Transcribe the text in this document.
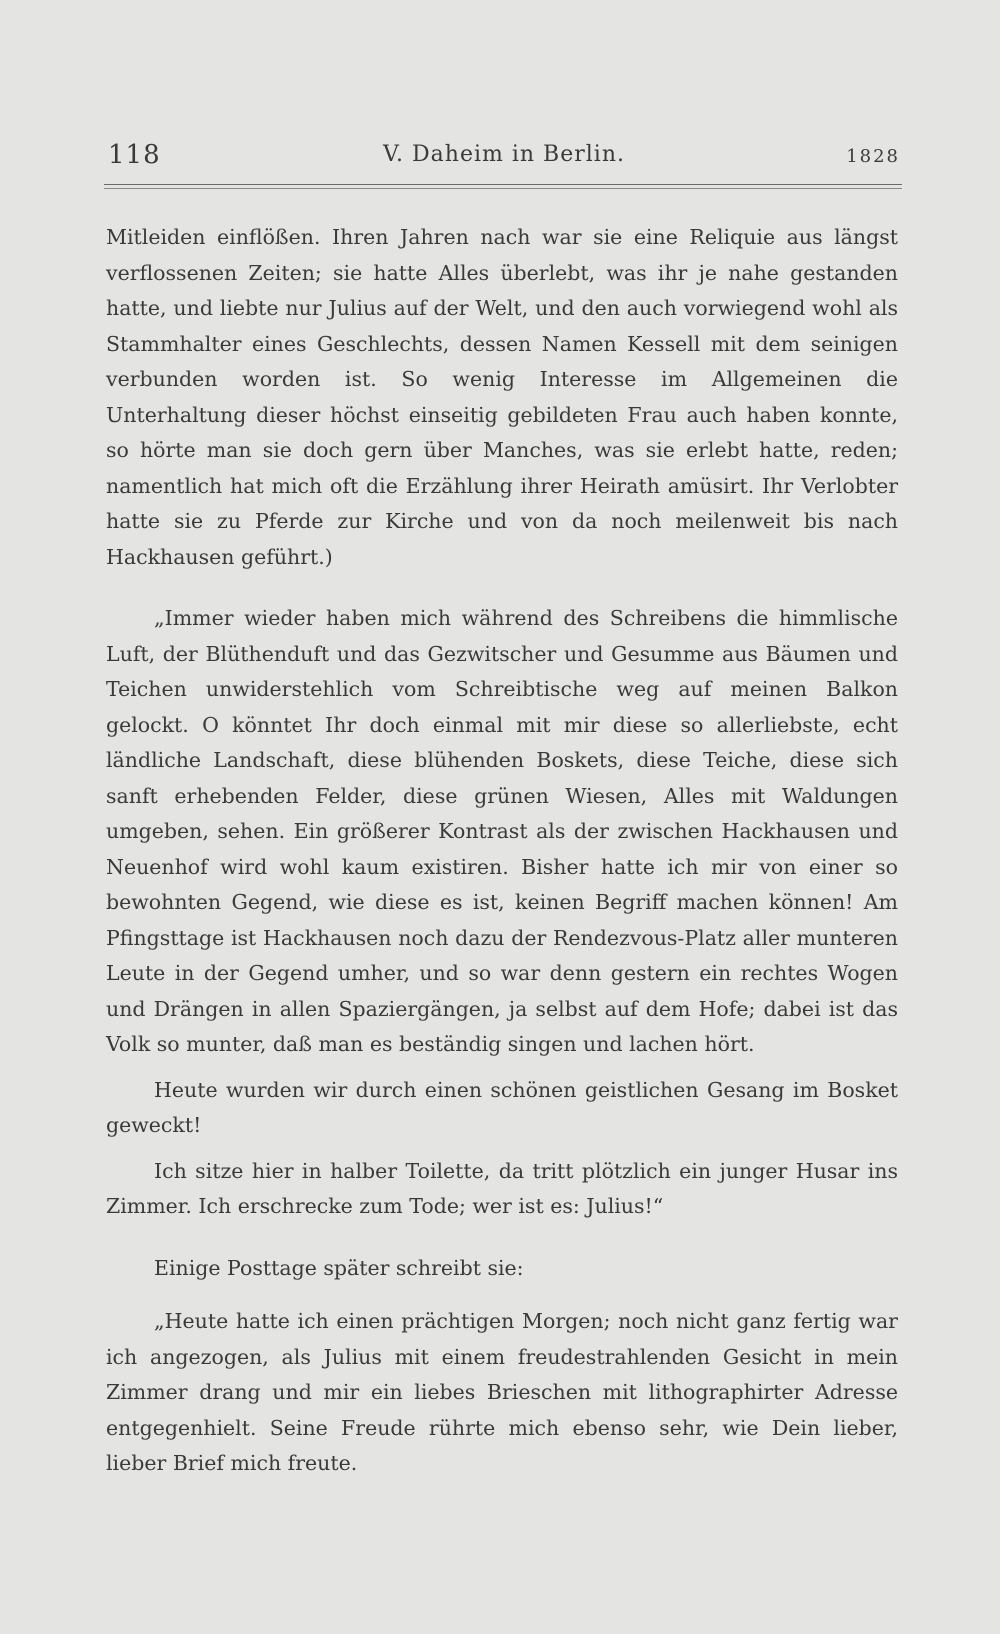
118	V. Daheim in Berlin.	1828

Mitleiden einflößen. Ihren Jahren nach war sie eine Reliquie aus längst verflossenen Zeiten; sie hatte Alles überlebt, was ihr je nahe gestanden hatte, und liebte nur Julius auf der Welt, und den auch vorwiegend wohl als Stammhalter eines Geschlechts, dessen Namen Kessell mit dem seinigen verbunden worden ist. So wenig Interesse im Allgemeinen die Unterhaltung dieser höchst einseitig gebildeten Frau auch haben konnte, so hörte man sie doch gern über Manches, was sie erlebt hatte, reden; namentlich hat mich oft die Erzählung ihrer Heirath amüsirt. Ihr Verlobter hatte sie zu Pferde zur Kirche und von da noch meilenweit bis nach Hackhausen geführt.)

„Immer wieder haben mich während des Schreibens die himmlische Luft, der Blüthenduft und das Gezwitscher und Gesumme aus Bäumen und Teichen unwiderstehlich vom Schreibtische weg auf meinen Balkon gelockt. O könntet Ihr doch einmal mit mir diese so allerliebste, echt ländliche Landschaft, diese blühenden Boskets, diese Teiche, diese sich sanft erhebenden Felder, diese grünen Wiesen, Alles mit Waldungen umgeben, sehen. Ein größerer Kontrast als der zwischen Hackhausen und Neuenhof wird wohl kaum existiren. Bisher hatte ich mir von einer so bewohnten Gegend, wie diese es ist, keinen Begriff machen können! Am Pfingsttage ist Hackhausen noch dazu der Rendezvous-Platz aller munteren Leute in der Gegend umher, und so war denn gestern ein rechtes Wogen und Drängen in allen Spaziergängen, ja selbst auf dem Hofe; dabei ist das Volk so munter, daß man es beständig singen und lachen hört.

Heute wurden wir durch einen schönen geistlichen Gesang im Bosket geweckt!

Ich sitze hier in halber Toilette, da tritt plötzlich ein junger Husar ins Zimmer. Ich erschrecke zum Tode; wer ist es: Julius!“

Einige Posttage später schreibt sie:

„Heute hatte ich einen prächtigen Morgen; noch nicht ganz fertig war ich angezogen, als Julius mit einem freudestrahlenden Gesicht in mein Zimmer drang und mir ein liebes Brieschen mit lithographirter Adresse entgegenhielt. Seine Freude rührte mich ebenso sehr, wie Dein lieber, lieber Brief mich freute.
